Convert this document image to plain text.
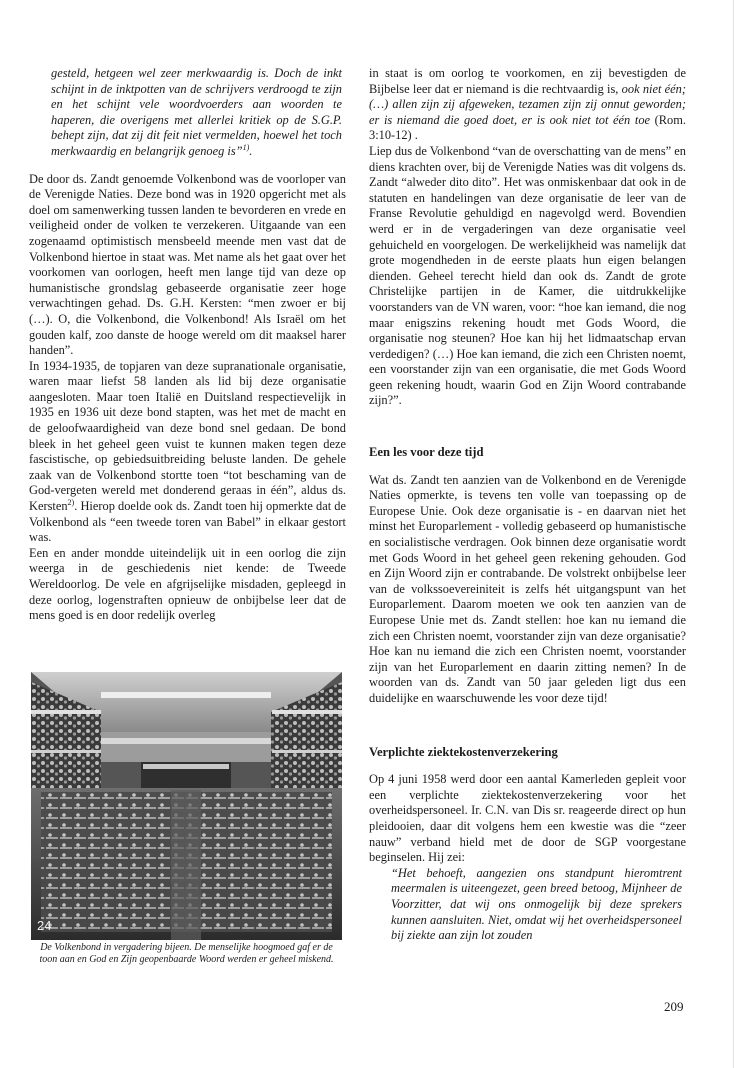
gesteld, hetgeen wel zeer merkwaardig is. Doch de inkt schijnt in de inktpotten van de schrijvers verdroogd te zijn en het schijnt vele woordvoerders aan woorden te haperen, die overigens met allerlei kritiek op de S.G.P. behept zijn, dat zij dit feit niet vermelden, hoewel het toch merkwaardig en belangrijk genoeg is”$^{1)}$.

De door ds. Zandt genoemde Volkenbond was de voorloper van de Verenigde Naties. Deze bond was in 1920 opgericht met als doel om samenwerking tussen landen te bevorderen en vrede en veiligheid onder de volken te verzekeren. Uitgaande van een zogenaamd optimistisch mensbeeld meende men vast dat de Volkenbond hiertoe in staat was. Met name als het gaat over het voorkomen van oorlogen, heeft men lange tijd van deze op humanistische grondslag gebaseerde organisatie zeer hoge verwachtingen gehad. Ds. G.H. Kersten: “men zwoer er bij (…). O, die Volkenbond, die Volkenbond! Als Israël om het gouden kalf, zoo danste de hooge wereld om dit maaksel harer handen”.

In 1934-1935, de topjaren van deze supranationale organisatie, waren maar liefst 58 landen als lid bij deze organisatie aangesloten. Maar toen Italië en Duitsland respectievelijk in 1935 en 1936 uit deze bond stapten, was het met de macht en de geloofwaardigheid van deze bond snel gedaan. De bond bleek in het geheel geen vuist te kunnen maken tegen deze fascistische, op gebiedsuitbreiding beluste landen. De gehele zaak van de Volkenbond stortte toen “tot beschaming van de God-vergeten wereld met donderend geraas in één”, aldus ds. Kersten$^{2)}$. Hierop doelde ook ds. Zandt toen hij opmerkte dat de Volkenbond als “een tweede toren van Babel” in elkaar gestort was.

Een en ander mondde uiteindelijk uit in een oorlog die zijn weerga in de geschiedenis niet kende: de Tweede Wereldoorlog. De vele en afgrijselijke misdaden, gepleegd in deze oorlog, logenstraften opnieuw de onbijbelse leer dat de mens goed is en door redelijk overleg

24
De Volkenbond in vergadering bijeen. De menselijke hoogmoed gaf er de toon aan en God en Zijn geopenbaarde Woord werden er geheel miskend.

in staat is om oorlog te voorkomen, en zij bevestigden de Bijbelse leer dat er niemand is die rechtvaardig is, ook niet één; (…) allen zijn zij afgeweken, tezamen zijn zij onnut geworden; er is niemand die goed doet, er is ook niet tot één toe (Rom. 3:10-12) .

Liep dus de Volkenbond “van de overschatting van de mens” en diens krachten over, bij de Verenigde Naties was dit volgens ds. Zandt “alweder dito dito”. Het was onmiskenbaar dat ook in de statuten en handelingen van deze organisatie de leer van de Franse Revolutie gehuldigd en nagevolgd werd. Bovendien werd er in de vergaderingen van deze organisatie veel gehuicheld en voorgelogen. De werkelijkheid was namelijk dat grote mogendheden in de eerste plaats hun eigen belangen dienden. Geheel terecht hield dan ook ds. Zandt de grote Christelijke partijen in de Kamer, die uitdrukkelijke voorstanders van de VN waren, voor: “hoe kan iemand, die nog maar enigszins rekening houdt met Gods Woord, die organisatie nog steunen? Hoe kan hij het lidmaatschap ervan verdedigen? (…) Hoe kan iemand, die zich een Christen noemt, een voorstander zijn van een organisatie, die met Gods Woord geen rekening houdt, waarin God en Zijn Woord contrabande zijn?”.

Een les voor deze tijd

Wat ds. Zandt ten aanzien van de Volkenbond en de Verenigde Naties opmerkte, is tevens ten volle van toepassing op de Europese Unie. Ook deze organisatie is - en daarvan niet het minst het Europarlement - volledig gebaseerd op humanistische en socialistische verdragen. Ook binnen deze organisatie wordt met Gods Woord in het geheel geen rekening gehouden. God en Zijn Woord zijn er contrabande. De volstrekt onbijbelse leer van de volkssoevereiniteit is zelfs hét uitgangspunt van het Europarlement. Daarom moeten we ook ten aanzien van de Europese Unie met ds. Zandt stellen: hoe kan nu iemand die zich een Christen noemt, voorstander zijn van deze organisatie? Hoe kan nu iemand die zich een Christen noemt, voorstander zijn van het Europarlement en daarin zitting nemen? In de woorden van ds. Zandt van 50 jaar geleden ligt dus een duidelijke en waarschuwende les voor deze tijd!

Verplichte ziektekostenverzekering

Op 4 juni 1958 werd door een aantal Kamerleden gepleit voor een verplichte ziektekostenverzekering voor het overheidspersoneel. Ir. C.N. van Dis sr. reageerde direct op hun pleidooien, daar dit volgens hem een kwestie was die “zeer nauw” verband hield met de door de SGP voorgestane beginselen. Hij zei:

“Het behoeft, aangezien ons standpunt hieromtrent meermalen is uiteengezet, geen breed betoog, Mijnheer de Voorzitter, dat wij ons onmogelijk bij deze sprekers kunnen aansluiten. Niet, omdat wij het overheidspersoneel bij ziekte aan zijn lot zouden

209
